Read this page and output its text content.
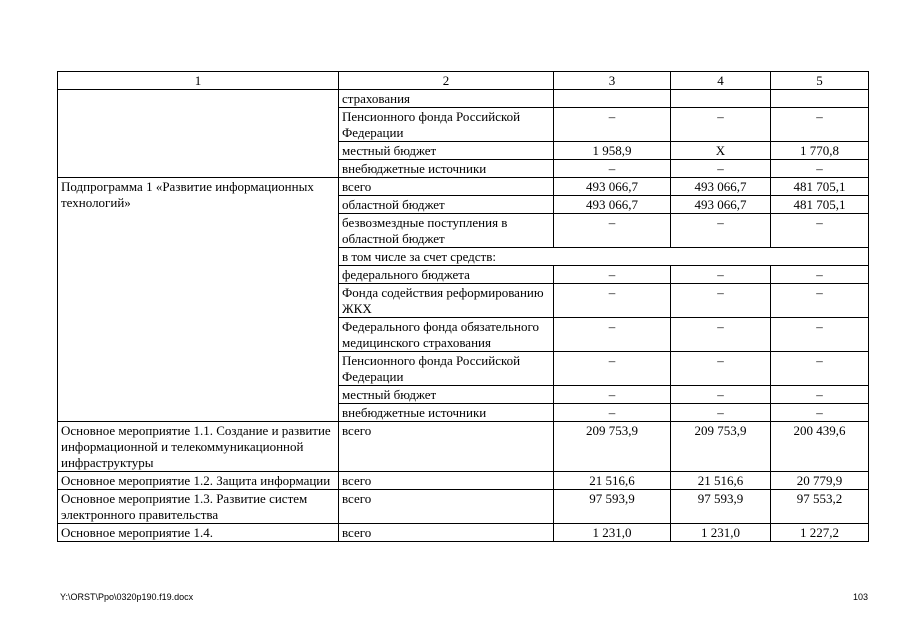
1	2	3	4	5
	страхования			
	Пенсионного фонда Российской Федерации	–	–	–
	местный бюджет	1 958,9	Х	1 770,8
	внебюджетные источники	–	–	–
Подпрограмма 1 «Развитие информационных технологий»	всего	493 066,7	493 066,7	481 705,1
	областной бюджет	493 066,7	493 066,7	481 705,1
	безвозмездные поступления в областной бюджет	–	–	–
	в том числе за счет средств:			
	федерального бюджета	–	–	–
	Фонда содействия реформированию ЖКХ	–	–	–
	Федерального фонда обязательного медицинского страхования	–	–	–
	Пенсионного фонда Российской Федерации	–	–	–
	местный бюджет	–	–	–
	внебюджетные источники	–	–	–
Основное мероприятие 1.1. Создание и развитие информационной и телекоммуникационной инфраструктуры	всего	209 753,9	209 753,9	200 439,6
Основное мероприятие 1.2. Защита информации	всего	21 516,6	21 516,6	20 779,9
Основное мероприятие 1.3. Развитие систем электронного правительства	всего	97 593,9	97 593,9	97 553,2
Основное мероприятие 1.4.	всего	1 231,0	1 231,0	1 227,2
Y:\ORST\Ppo\0320p190.f19.docx	103
